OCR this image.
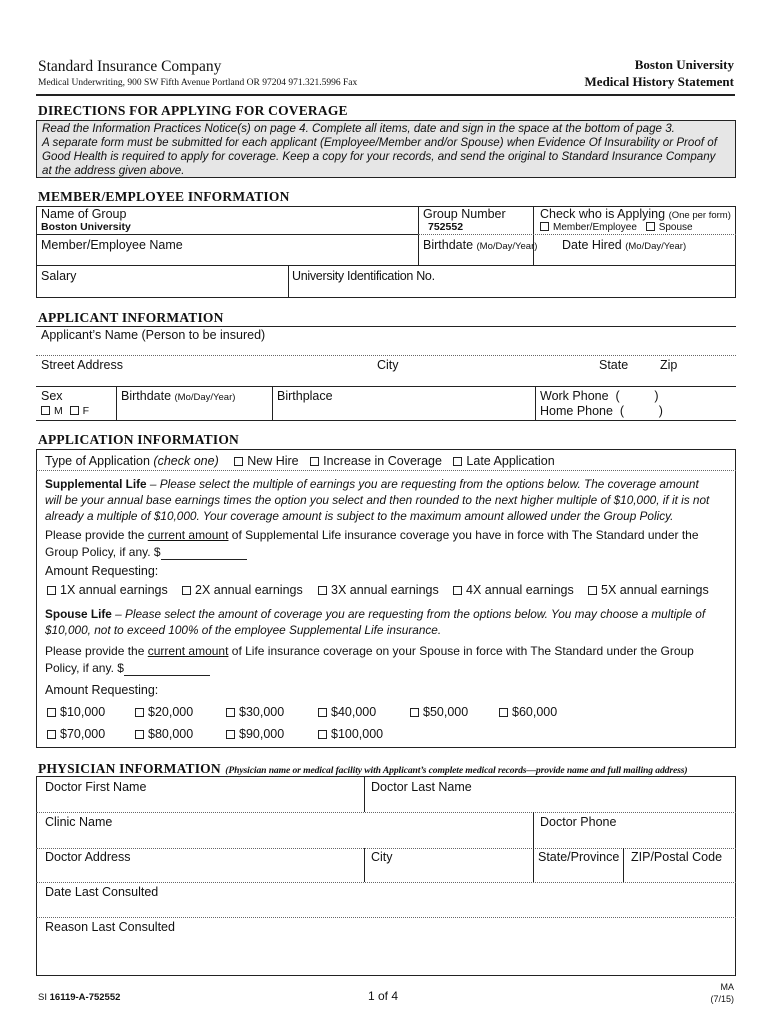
Standard Insurance Company
Medical Underwriting, 900 SW Fifth Avenue Portland OR 97204 971.321.5996 Fax
Boston University
Medical History Statement
DIRECTIONS FOR APPLYING FOR COVERAGE
Read the Information Practices Notice(s) on page 4. Complete all items, date and sign in the space at the bottom of page 3.
A separate form must be submitted for each applicant (Employee/Member and/or Spouse) when Evidence Of Insurability or Proof of
Good Health is required to apply for coverage. Keep a copy for your records, and send the original to Standard Insurance Company
at the address given above.
MEMBER/EMPLOYEE INFORMATION
Name of Group
Boston University
Group Number
752552
Check who is Applying (One per form)
Member/Employee Spouse
Member/Employee Name	Birthdate (Mo/Day/Year) Date Hired (Mo/Day/Year)
Salary	University Identification No.
APPLICANT INFORMATION
Applicant’s Name (Person to be insured)
Street Address	City	State	Zip
Sex
M F
Birthdate (Mo/Day/Year)	Birthplace	Work Phone  (          )
Home Phone  (          )
APPLICATION INFORMATION
Type of Application (check one) New Hire Increase in Coverage Late Application
Supplemental Life – Please select the multiple of earnings you are requesting from the options below. The coverage amount
will be your annual base earnings times the option you select and then rounded to the next higher multiple of $10,000, if it is not
already a multiple of $10,000. Your coverage amount is subject to the maximum amount allowed under the Group Policy.
Please provide the current amount of Supplemental Life insurance coverage you have in force with The Standard under the
Group Policy, if any. $
Amount Requesting:
1X annual earnings	2X annual earnings	3X annual earnings	4X annual earnings	5X annual earnings
Spouse Life – Please select the amount of coverage you are requesting from the options below. You may choose a multiple of
$10,000, not to exceed 100% of the employee Supplemental Life insurance.
Please provide the current amount of Life insurance coverage on your Spouse in force with The Standard under the Group
Policy, if any. $
Amount Requesting:
$10,000	$20,000	$30,000	$40,000	$50,000	$60,000
$70,000	$80,000	$90,000	$100,000
PHYSICIAN INFORMATION (Physician name or medical facility with Applicant’s complete medical records—provide name and full mailing address)
Doctor First Name	Doctor Last Name
Clinic Name	Doctor Phone
Doctor Address	City	State/Province ZIP/Postal Code
Date Last Consulted
Reason Last Consulted
SI 16119-A-752552	1 of 4
MA
(7/15)
